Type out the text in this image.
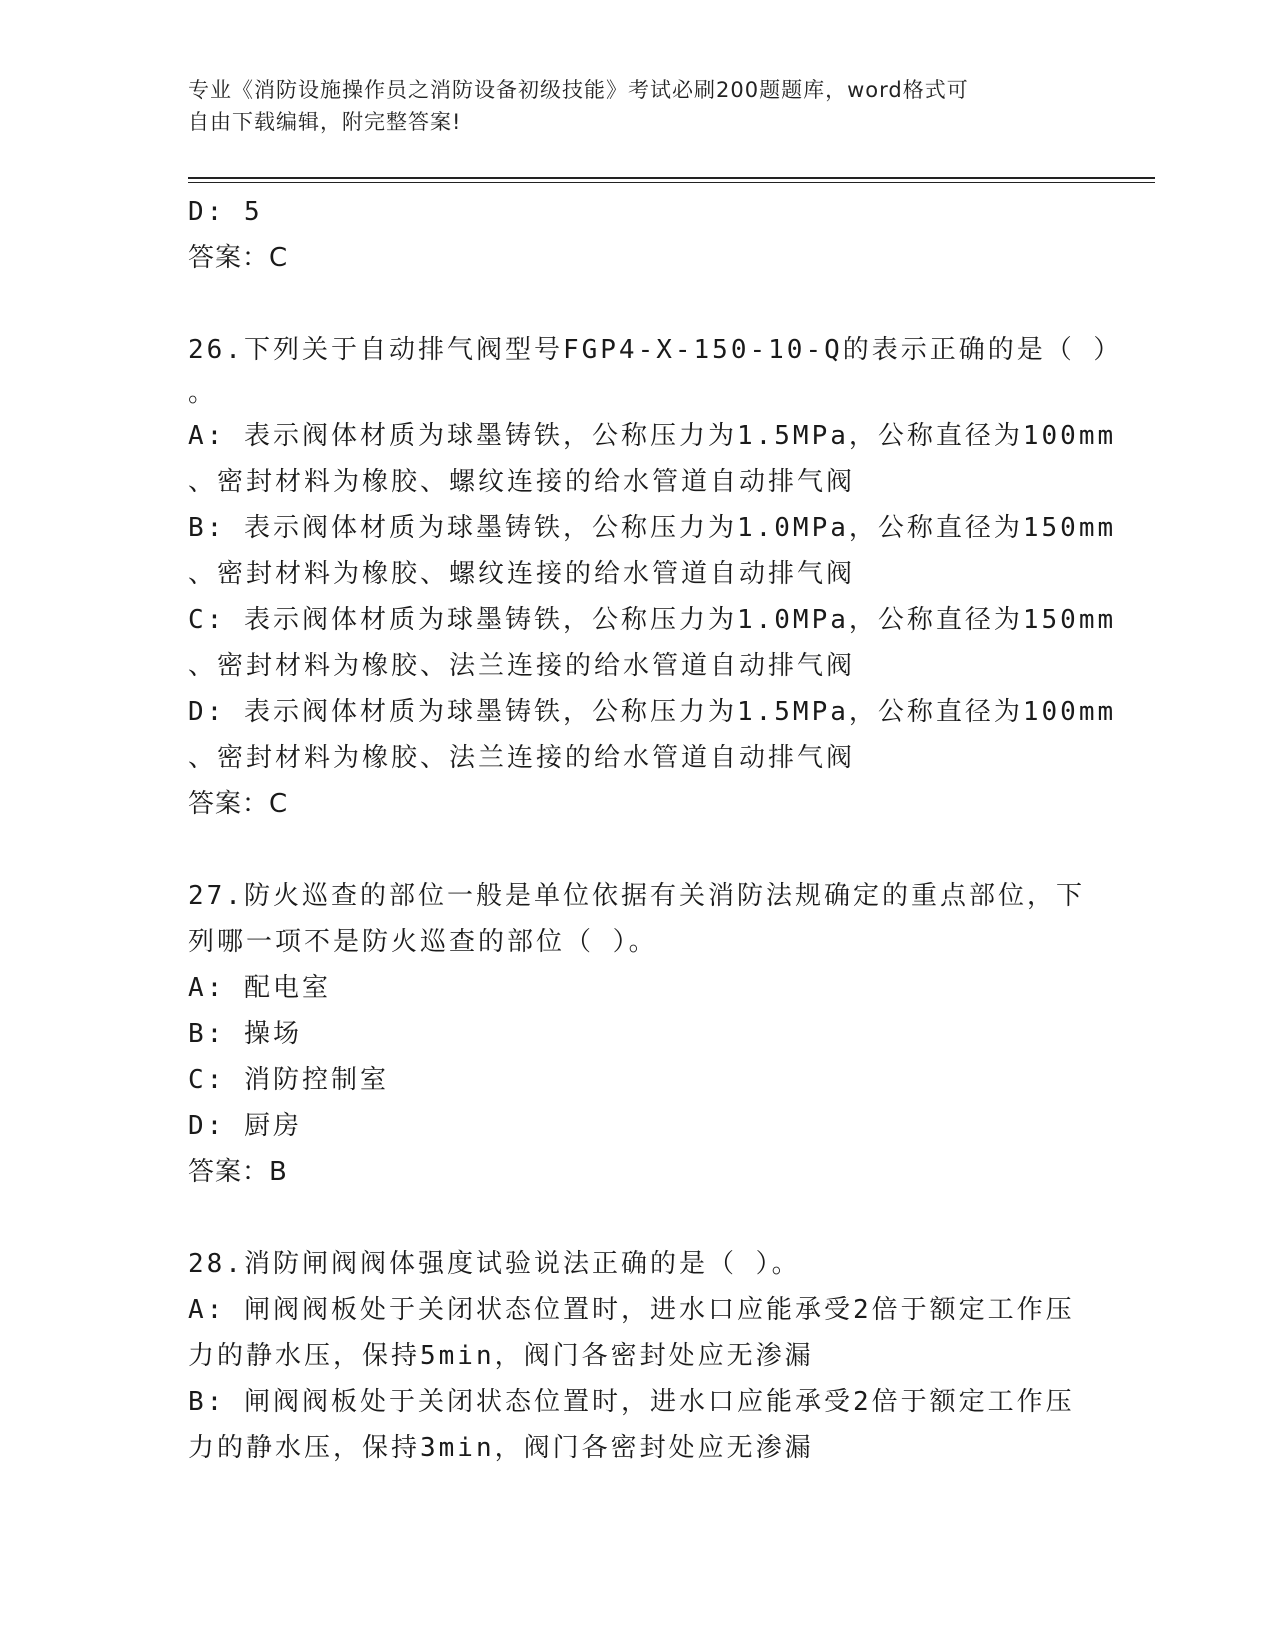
专业《消防设施操作员之消防设备初级技能》考试必刷200题题库，word格式可
自由下载编辑，附完整答案!
D: 5
答案：C
26.下列关于自动排气阀型号FGP4-X-150-10-Q的表示正确的是（ ）
。
A: 表示阀体材质为球墨铸铁，公称压力为1.5MPa，公称直径为100mm
、密封材料为橡胶、螺纹连接的给水管道自动排气阀
B: 表示阀体材质为球墨铸铁，公称压力为1.0MPa，公称直径为150mm
、密封材料为橡胶、螺纹连接的给水管道自动排气阀
C: 表示阀体材质为球墨铸铁，公称压力为1.0MPa，公称直径为150mm
、密封材料为橡胶、法兰连接的给水管道自动排气阀
D: 表示阀体材质为球墨铸铁，公称压力为1.5MPa，公称直径为100mm
、密封材料为橡胶、法兰连接的给水管道自动排气阀
答案：C
27.防火巡查的部位一般是单位依据有关消防法规确定的重点部位，下
列哪一项不是防火巡查的部位（ ）。
A: 配电室
B: 操场
C: 消防控制室
D: 厨房
答案：B
28.消防闸阀阀体强度试验说法正确的是（ ）。
A: 闸阀阀板处于关闭状态位置时，进水口应能承受2倍于额定工作压
力的静水压，保持5min，阀门各密封处应无渗漏
B: 闸阀阀板处于关闭状态位置时，进水口应能承受2倍于额定工作压
力的静水压，保持3min，阀门各密封处应无渗漏
